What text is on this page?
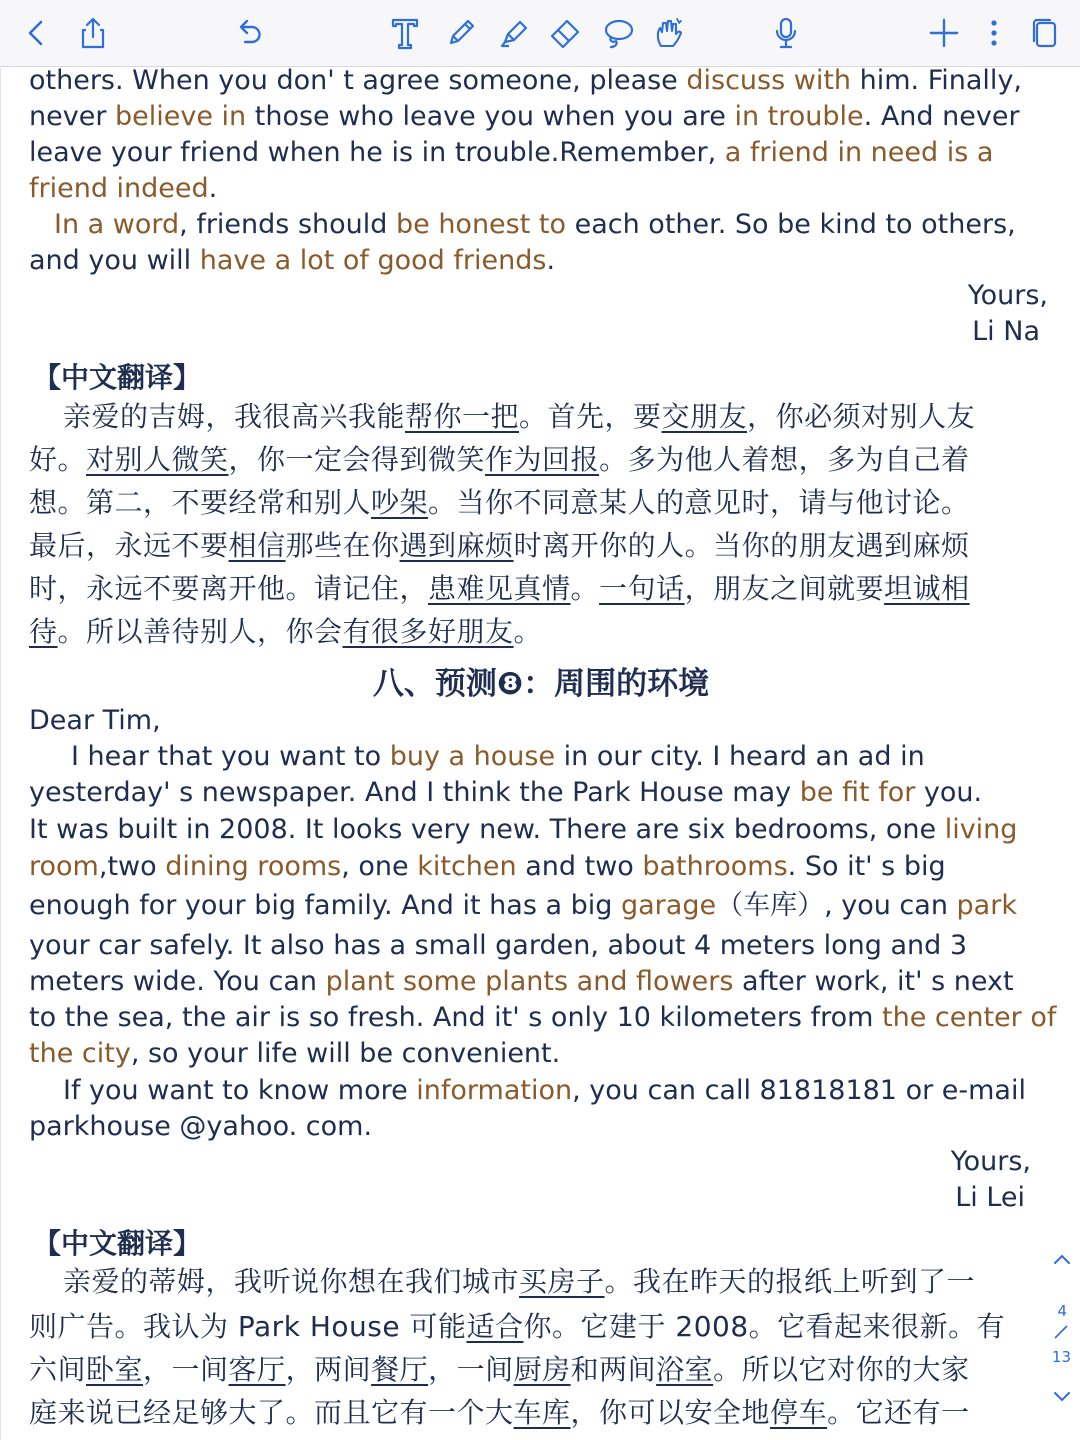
others. When you don' t agree someone, please discuss with him. Finally,
never believe in those who leave you when you are in trouble. And never
leave your friend when he is in trouble.Remember, a friend in need is a
friend indeed.
In a word, friends should be honest to each other. So be kind to others,
and you will have a lot of good friends.
Yours,
Li Na
【中文翻译】
亲爱的吉姆，我很高兴我能帮你一把。首先，要交朋友，你必须对别人友
好。对别人微笑，你一定会得到微笑作为回报。多为他人着想，多为自己着
想。第二，不要经常和别人吵架。当你不同意某人的意见时，请与他讨论。
最后，永远不要相信那些在你遇到麻烦时离开你的人。当你的朋友遇到麻烦
时，永远不要离开他。请记住，患难见真情。一句话，朋友之间就要坦诚相
待。所以善待别人，你会有很多好朋友。
八、预测❽：周围的环境
Dear Tim,
I hear that you want to buy a house in our city. I heard an ad in
yesterday' s newspaper. And I think the Park House may be fit for you.
It was built in 2008. It looks very new. There are six bedrooms, one living
room,two dining rooms, one kitchen and two bathrooms. So it' s big
enough for your big family. And it has a big garage（车库）, you can park
your car safely. It also has a small garden, about 4 meters long and 3
meters wide. You can plant some plants and flowers after work, it' s next
to the sea, the air is so fresh. And it' s only 10 kilometers from the center of
the city, so your life will be convenient.
If you want to know more information, you can call 81818181 or e-mail
parkhouse @yahoo. com.
Yours,
Li Lei
【中文翻译】
亲爱的蒂姆，我听说你想在我们城市买房子。我在昨天的报纸上听到了一
则广告。我认为 Park House 可能适合你。它建于 2008。它看起来很新。有
六间卧室，一间客厅，两间餐厅，一间厨房和两间浴室。所以它对你的大家
庭来说已经足够大了。而且它有一个大车库，你可以安全地停车。它还有一
4
13
